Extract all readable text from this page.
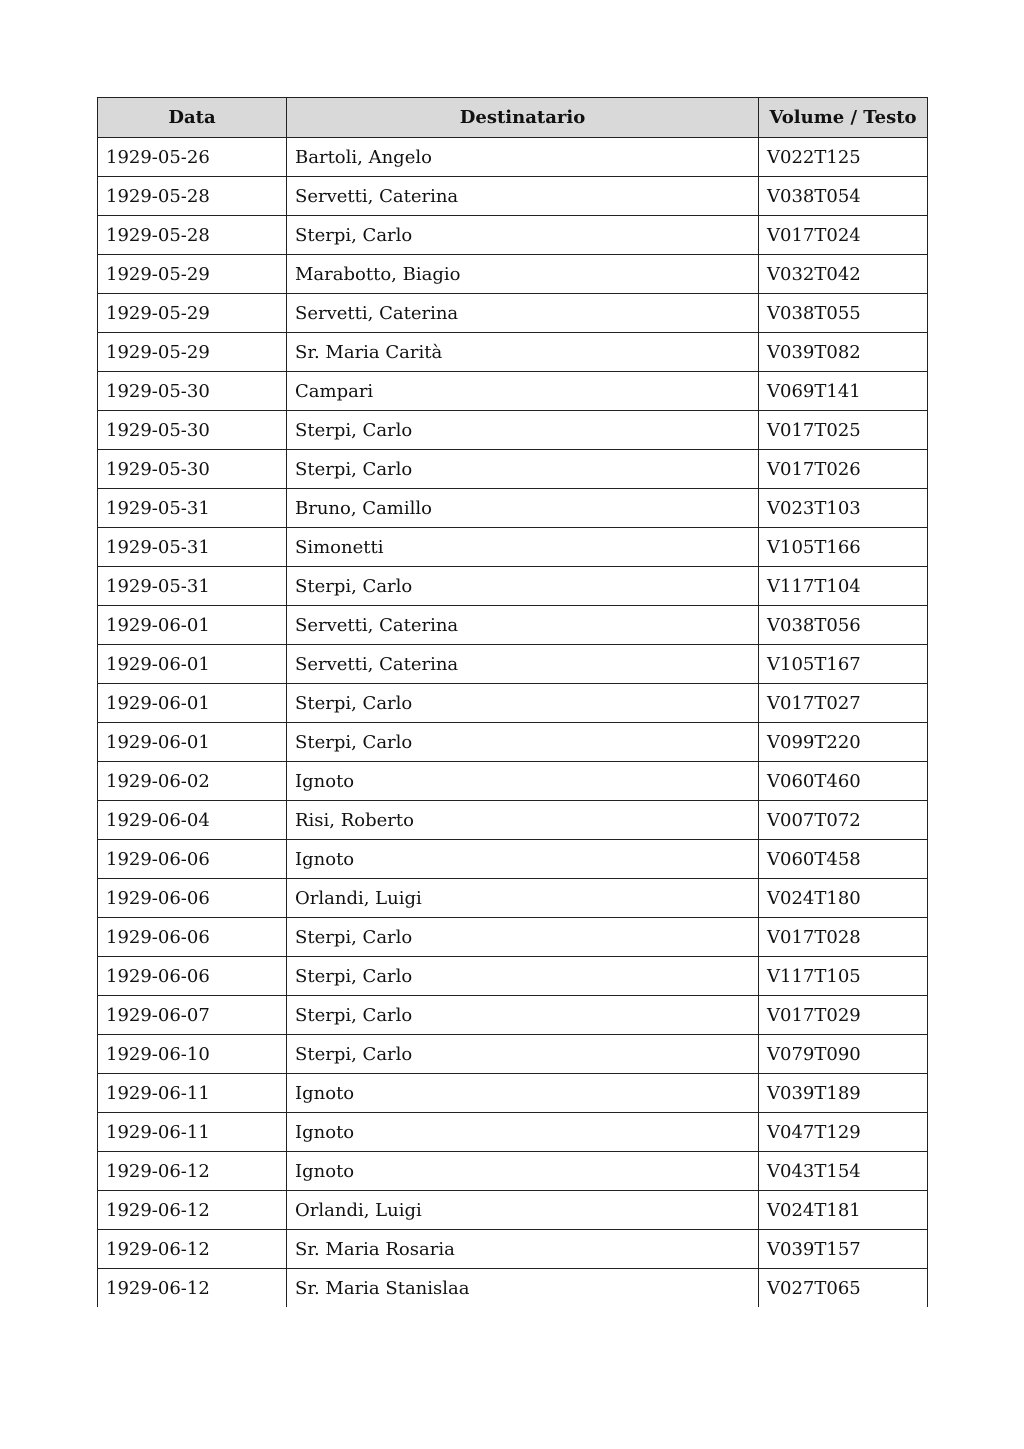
Data	Destinatario	Volume / Testo
1929-05-26	Bartoli, Angelo	V022T125
1929-05-28	Servetti, Caterina	V038T054
1929-05-28	Sterpi, Carlo	V017T024
1929-05-29	Marabotto, Biagio	V032T042
1929-05-29	Servetti, Caterina	V038T055
1929-05-29	Sr. Maria Carità	V039T082
1929-05-30	Campari	V069T141
1929-05-30	Sterpi, Carlo	V017T025
1929-05-30	Sterpi, Carlo	V017T026
1929-05-31	Bruno, Camillo	V023T103
1929-05-31	Simonetti	V105T166
1929-05-31	Sterpi, Carlo	V117T104
1929-06-01	Servetti, Caterina	V038T056
1929-06-01	Servetti, Caterina	V105T167
1929-06-01	Sterpi, Carlo	V017T027
1929-06-01	Sterpi, Carlo	V099T220
1929-06-02	Ignoto	V060T460
1929-06-04	Risi, Roberto	V007T072
1929-06-06	Ignoto	V060T458
1929-06-06	Orlandi, Luigi	V024T180
1929-06-06	Sterpi, Carlo	V017T028
1929-06-06	Sterpi, Carlo	V117T105
1929-06-07	Sterpi, Carlo	V017T029
1929-06-10	Sterpi, Carlo	V079T090
1929-06-11	Ignoto	V039T189
1929-06-11	Ignoto	V047T129
1929-06-12	Ignoto	V043T154
1929-06-12	Orlandi, Luigi	V024T181
1929-06-12	Sr. Maria Rosaria	V039T157
1929-06-12	Sr. Maria Stanislaa	V027T065
